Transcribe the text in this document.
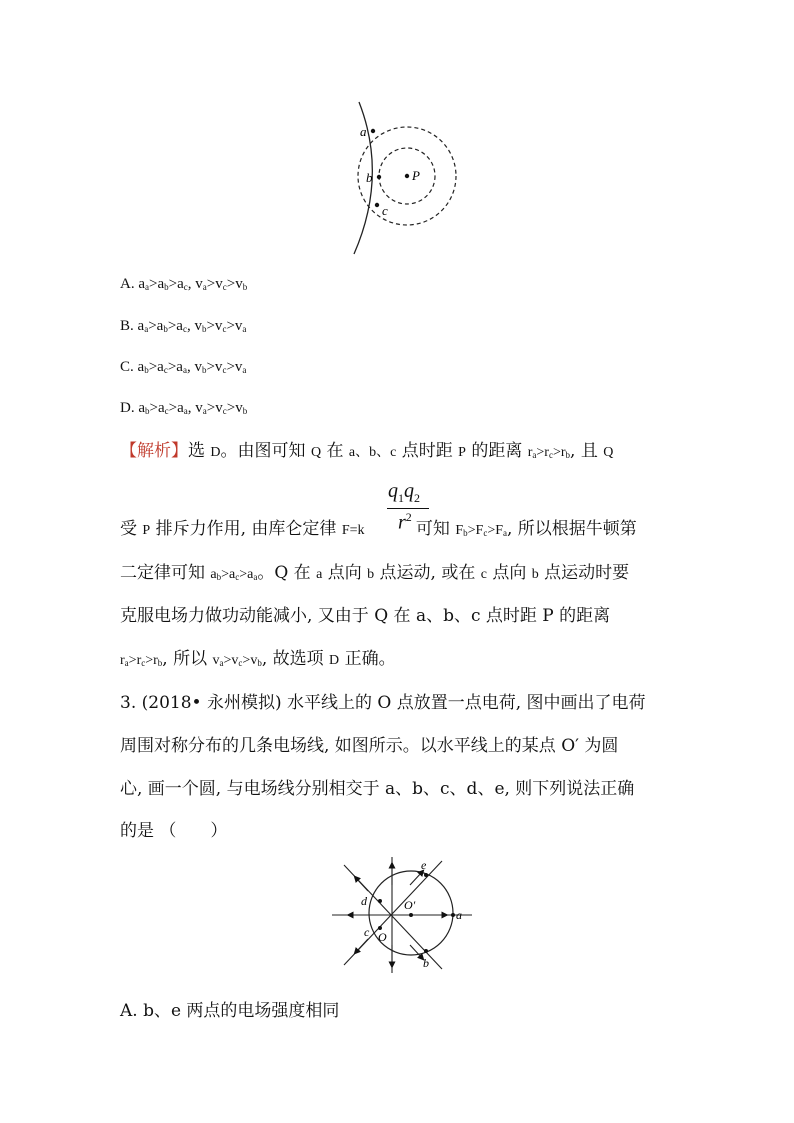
a
b
c
P
A. $a_a>a_b>a_c$, $v_a>v_c>v_b$
B. $a_a>a_b>a_c$, $v_b>v_c>v_a$
C. $a_b>a_c>a_a$, $v_b>v_c>v_a$
D. $a_b>a_c>a_a$, $v_a>v_c>v_b$
【解析】选 D。由图可知 Q 在 a、b、c 点时距 P 的距离 $r_a>r_c>r_b$, 且 Q
$q_1q_2$
受 P 排斥力作用, 由库仑定律 F=k	可知 $F_b>F_c>F_a$, 所以根据牛顿第
$r^2$
二定律可知 $a_b>a_c>a_a$。Q 在 a 点向 b 点运动, 或在 c 点向 b 点运动时要
克服电场力做功动能减小, 又由于 Q 在 a、b、c 点时距 P 的距离
$r_a>r_c>r_b$, 所以 $v_a>v_c>v_b$, 故选项 D 正确。
3. (2018• 永州模拟) 水平线上的 O 点放置一点电荷, 图中画出了电荷
周围对称分布的几条电场线, 如图所示。以水平线上的某点 O′ 为圆
心, 画一个圆, 与电场线分别相交于 a、b、c、d、e, 则下列说法正确
的是 （　　）
a
b
c
d
e
O
O′
A. b、e 两点的电场强度相同
